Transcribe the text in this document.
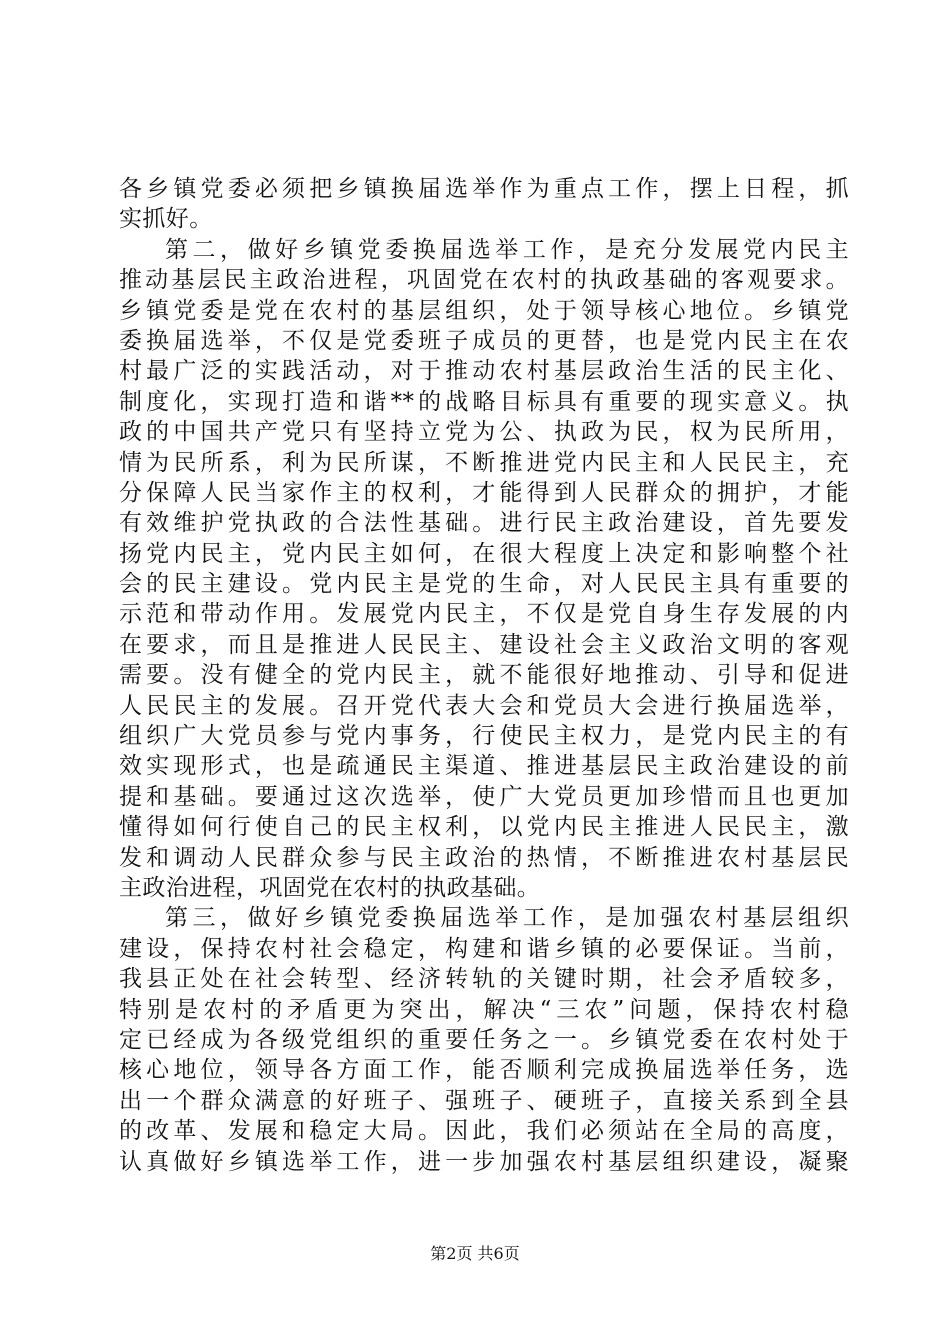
各乡镇党委必须把乡镇换届选举作为重点工作，摆上日程，抓
实抓好。
第二，做好乡镇党委换届选举工作，是充分发展党内民主
推动基层民主政治进程，巩固党在农村的执政基础的客观要求。
乡镇党委是党在农村的基层组织，处于领导核心地位。乡镇党
委换届选举，不仅是党委班子成员的更替，也是党内民主在农
村最广泛的实践活动，对于推动农村基层政治生活的民主化、
制度化，实现打造和谐**的战略目标具有重要的现实意义。执
政的中国共产党只有坚持立党为公、执政为民，权为民所用，
情为民所系，利为民所谋，不断推进党内民主和人民民主，充
分保障人民当家作主的权利，才能得到人民群众的拥护，才能
有效维护党执政的合法性基础。进行民主政治建设，首先要发
扬党内民主，党内民主如何，在很大程度上决定和影响整个社
会的民主建设。党内民主是党的生命，对人民民主具有重要的
示范和带动作用。发展党内民主，不仅是党自身生存发展的内
在要求，而且是推进人民民主、建设社会主义政治文明的客观
需要。没有健全的党内民主，就不能很好地推动、引导和促进
人民民主的发展。召开党代表大会和党员大会进行换届选举，
组织广大党员参与党内事务，行使民主权力，是党内民主的有
效实现形式，也是疏通民主渠道、推进基层民主政治建设的前
提和基础。要通过这次选举，使广大党员更加珍惜而且也更加
懂得如何行使自己的民主权利，以党内民主推进人民民主，激
发和调动人民群众参与民主政治的热情，不断推进农村基层民
主政治进程，巩固党在农村的执政基础。
第三，做好乡镇党委换届选举工作，是加强农村基层组织
建设，保持农村社会稳定，构建和谐乡镇的必要保证。当前，
我县正处在社会转型、经济转轨的关键时期，社会矛盾较多，
特别是农村的矛盾更为突出，解决“三农”问题，保持农村稳
定已经成为各级党组织的重要任务之一。乡镇党委在农村处于
核心地位，领导各方面工作，能否顺利完成换届选举任务，选
出一个群众满意的好班子、强班子、硬班子，直接关系到全县
的改革、发展和稳定大局。因此，我们必须站在全局的高度，
认真做好乡镇选举工作，进一步加强农村基层组织建设，凝聚
第2页 共6页
